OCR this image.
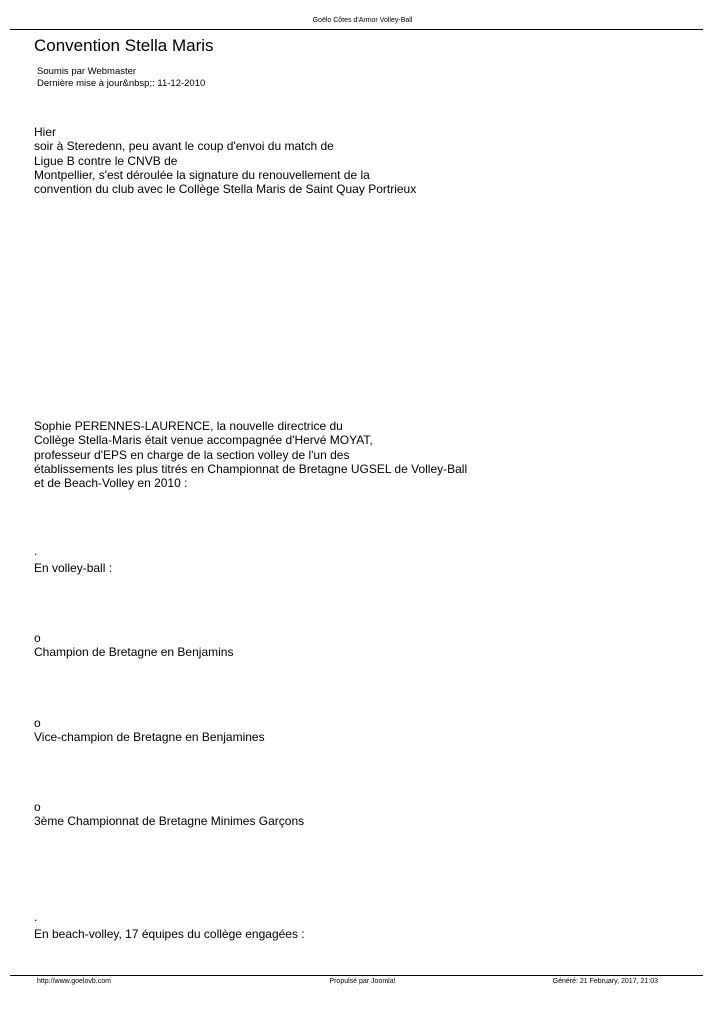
Goëlo Côtes d'Armor Volley-Ball
Convention Stella Maris
Soumis par Webmaster
Dernière mise à jour&nbsp;: 11-12-2010
Hier
soir à Steredenn, peu avant le coup d'envoi du match de
Ligue B contre le CNVB de
Montpellier, s'est déroulée la signature du renouvellement de la
convention du club avec le Collège Stella Maris de Saint Quay Portrieux
Sophie PERENNES-LAURENCE, la nouvelle directrice du
Collège Stella-Maris était venue accompagnée d'Hervé MOYAT,
professeur d'EPS en charge de la section volley de l'un des
établissements les plus titrés en Championnat de Bretagne UGSEL de Volley-Ball
et de Beach-Volley en 2010 :
.
En volley-ball :
o
Champion de Bretagne en Benjamins
o
Vice-champion de Bretagne en Benjamines
o
3ème Championnat de Bretagne Minimes Garçons
.
En beach-volley, 17 équipes du collège engagées :
http://www.goelovb.com	Propulsé par Joomla!	Généré: 21 February, 2017, 21:03
